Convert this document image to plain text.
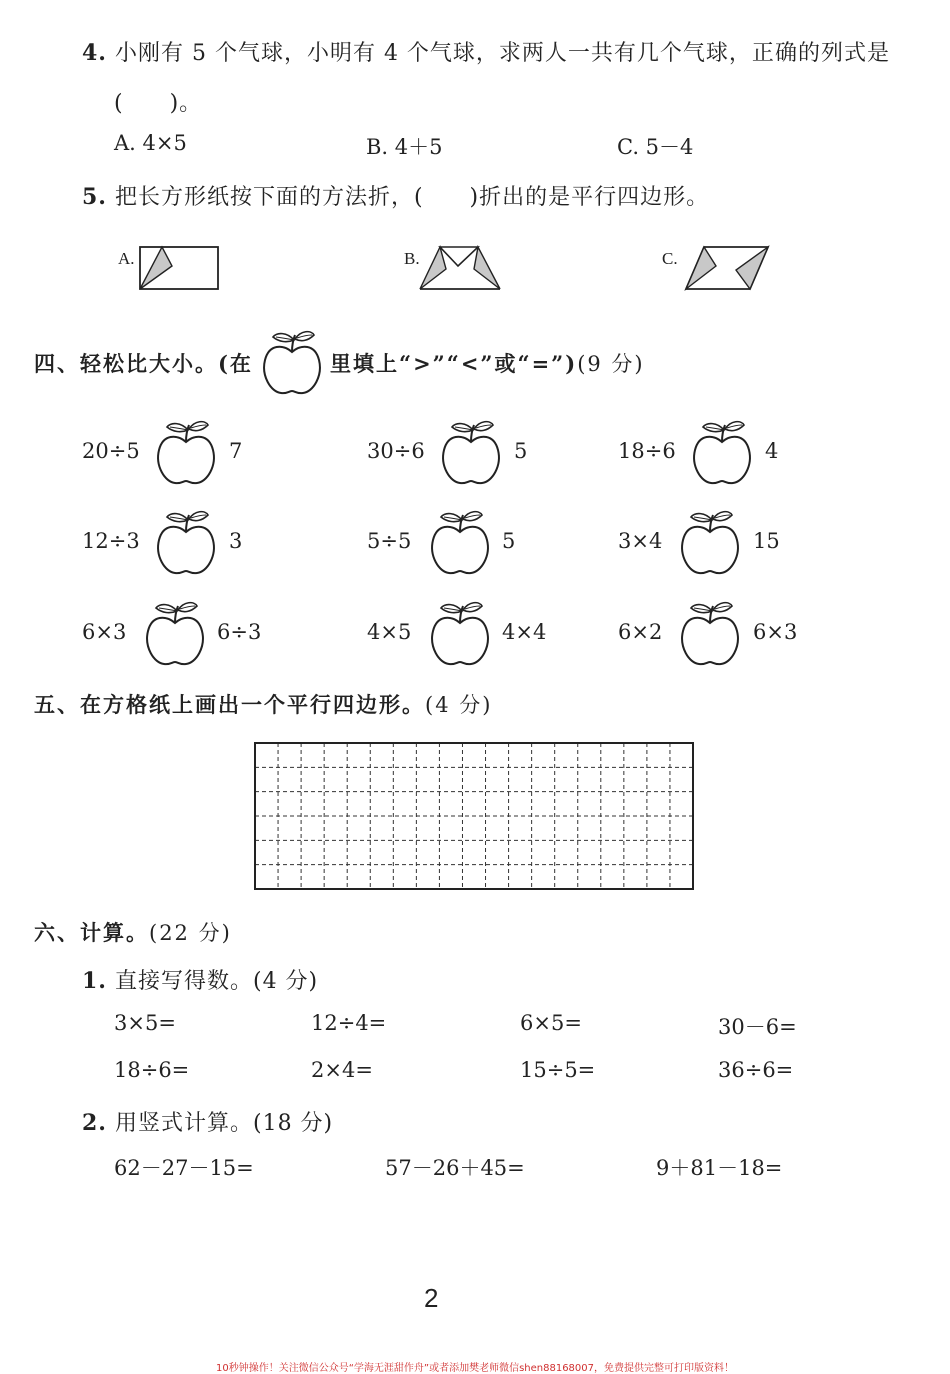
4. 小刚有 5 个气球，小明有 4 个气球，求两人一共有几个气球，正确的列式是
(　　)。
A. 4×5	B. 4＋5	C. 5－4
5. 把长方形纸按下面的方法折，(　　)折出的是平行四边形。
A.	B.	C.
四、轻松比大小。(在	里填上“>”“<”或“=”)(9 分)
20÷5	7	30÷6	5	18÷6	4
12÷3	3	5÷5	5	3×4	15
6×3	6÷3	4×5	4×4	6×2	6×3
五、在方格纸上画出一个平行四边形。(4 分)
六、计算。(22 分)
1. 直接写得数。(4 分)
3×5=	12÷4=	6×5=	30－6=
18÷6=	2×4=	15÷5=	36÷6=
2. 用竖式计算。(18 分)
62－27－15=	57－26＋45=	9＋81－18=
2
10秒钟操作！关注微信公众号“学海无涯甜作舟”或者添加樊老师微信shen88168007，免费提供完整可打印版资料！
